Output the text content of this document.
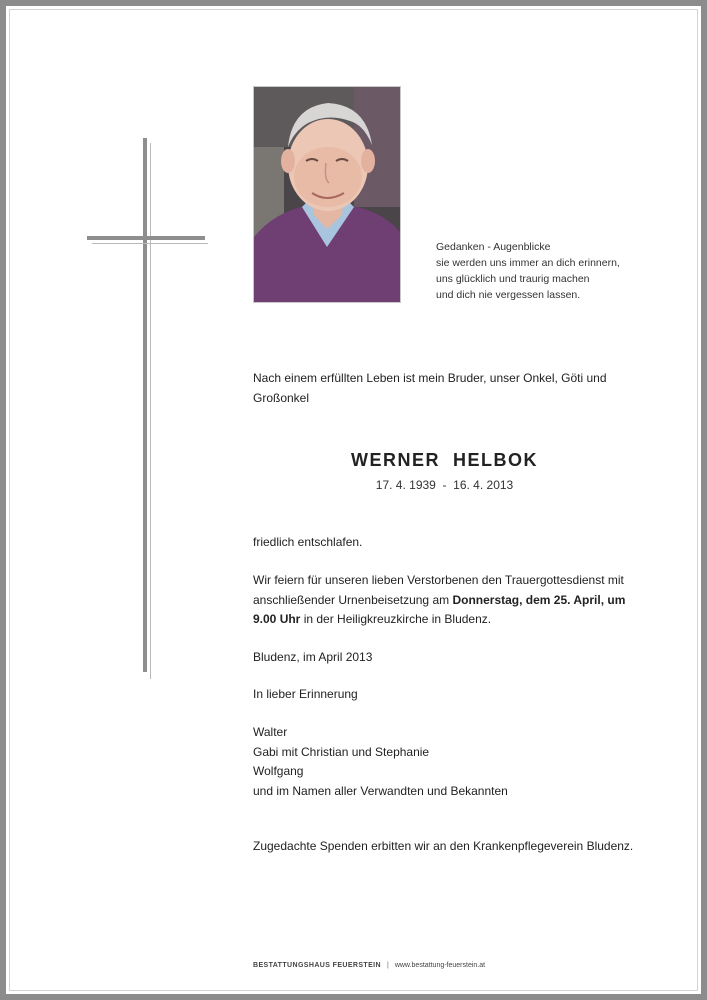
Gedanken - Augenblicke
sie werden uns immer an dich erinnern,
uns glücklich und traurig machen
und dich nie vergessen lassen.
Nach einem erfüllten Leben ist mein Bruder, unser Onkel, Göti und Großonkel
WERNER  HELBOK
17. 4. 1939  -  16. 4. 2013
friedlich entschlafen.
Wir feiern für unseren lieben Verstorbenen den Trauergottesdienst mit anschließender Urnenbeisetzung am Donnerstag, dem 25. April, um 9.00 Uhr in der Heiligkreuzkirche in Bludenz.
Bludenz, im April 2013
In lieber Erinnerung
Walter
Gabi mit Christian und Stephanie
Wolfgang
und im Namen aller Verwandten und Bekannten
Zugedachte Spenden erbitten wir an den Krankenpflegeverein Bludenz.
BESTATTUNGSHAUS FEUERSTEIN | www.bestattung-feuerstein.at
